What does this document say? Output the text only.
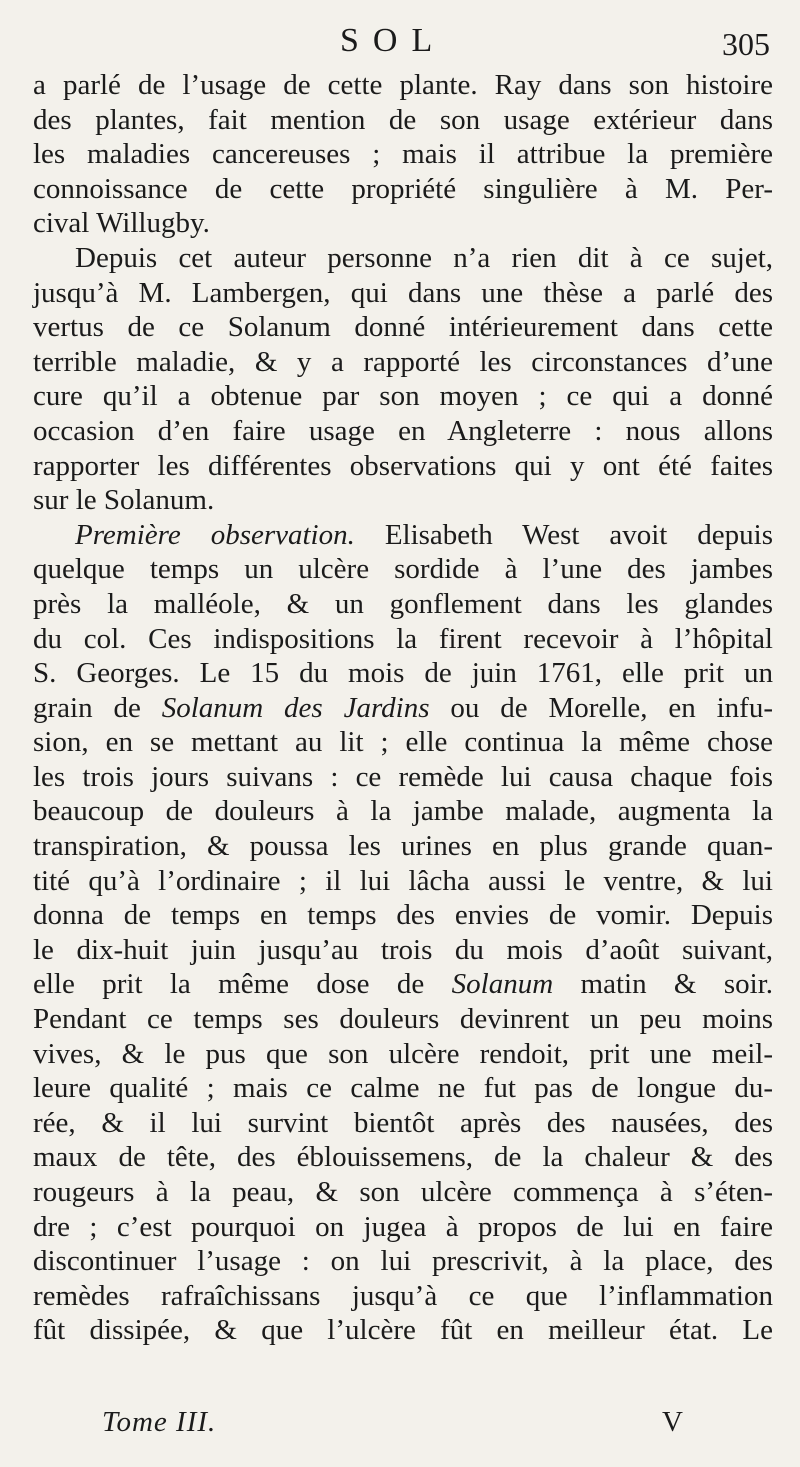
SOL	305

a parlé de l’usage de cette plante. Ray dans son histoire
des plantes, fait mention de son usage extérieur dans
les maladies cancereuses ; mais il attribue la première
connoissance de cette propriété singulière à M. Per-
cival Willugby.

Depuis cet auteur personne n’a rien dit à ce sujet,
jusqu’à M. Lambergen, qui dans une thèse a parlé des
vertus de ce Solanum donné intérieurement dans cette
terrible maladie, & y a rapporté les circonstances d’une
cure qu’il a obtenue par son moyen ; ce qui a donné
occasion d’en faire usage en Angleterre : nous allons
rapporter les différentes observations qui y ont été faites
sur le Solanum.

Première observation. Elisabeth West avoit depuis
quelque temps un ulcère sordide à l’une des jambes
près la malléole, & un gonflement dans les glandes
du col. Ces indispositions la firent recevoir à l’hôpital
S. Georges. Le 15 du mois de juin 1761, elle prit un
grain de Solanum des Jardins ou de Morelle, en infu-
sion, en se mettant au lit ; elle continua la même chose
les trois jours suivans : ce remède lui causa chaque fois
beaucoup de douleurs à la jambe malade, augmenta la
transpiration, & poussa les urines en plus grande quan-
tité qu’à l’ordinaire ; il lui lâcha aussi le ventre, & lui
donna de temps en temps des envies de vomir. Depuis
le dix-huit juin jusqu’au trois du mois d’août suivant,
elle prit la même dose de Solanum matin & soir.
Pendant ce temps ses douleurs devinrent un peu moins
vives, & le pus que son ulcère rendoit, prit une meil-
leure qualité ; mais ce calme ne fut pas de longue du-
rée, & il lui survint bientôt après des nausées, des
maux de tête, des éblouissemens, de la chaleur & des
rougeurs à la peau, & son ulcère commença à s’éten-
dre ; c’est pourquoi on jugea à propos de lui en faire
discontinuer l’usage : on lui prescrivit, à la place, des
remèdes rafraîchissans jusqu’à ce que l’inflammation
fût dissipée, & que l’ulcère fût en meilleur état. Le

Tome III.	V
